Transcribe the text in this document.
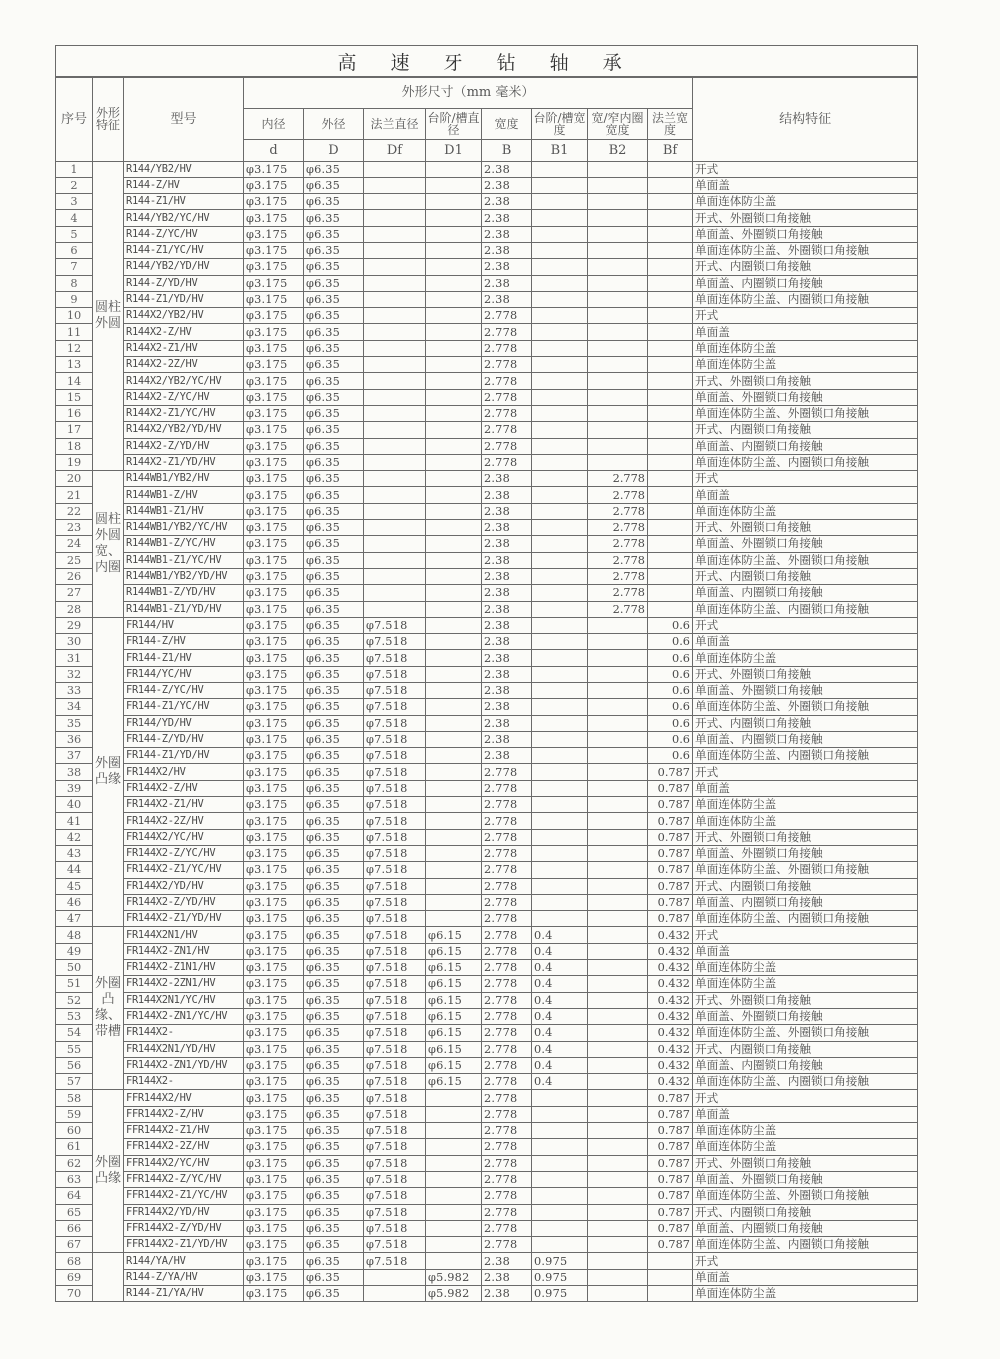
高 速 牙 钻 轴 承											
序号	外形特征	型号	外形尺寸（mm 毫米）								结构特征
			内径	外径	法兰直径	台阶/槽直径	宽度	台阶/槽宽度	宽/窄内圈宽度	法兰宽度	
			d	D	Df	D1	B	B1	B2	Bf	
1	圆柱外圆	R144/YB2/HV	φ3.175	φ6.35			2.38				开式
2		R144-Z/HV	φ3.175	φ6.35			2.38				单面盖
3		R144-Z1/HV	φ3.175	φ6.35			2.38				单面连体防尘盖
4		R144/YB2/YC/HV	φ3.175	φ6.35			2.38				开式、外圈锁口角接触
5		R144-Z/YC/HV	φ3.175	φ6.35			2.38				单面盖、外圈锁口角接触
6		R144-Z1/YC/HV	φ3.175	φ6.35			2.38				单面连体防尘盖、外圈锁口角接触
7		R144/YB2/YD/HV	φ3.175	φ6.35			2.38				开式、内圈锁口角接触
8		R144-Z/YD/HV	φ3.175	φ6.35			2.38				单面盖、内圈锁口角接触
9		R144-Z1/YD/HV	φ3.175	φ6.35			2.38				单面连体防尘盖、内圈锁口角接触
10		R144X2/YB2/HV	φ3.175	φ6.35			2.778				开式
11		R144X2-Z/HV	φ3.175	φ6.35			2.778				单面盖
12		R144X2-Z1/HV	φ3.175	φ6.35			2.778				单面连体防尘盖
13		R144X2-2Z/HV	φ3.175	φ6.35			2.778				单面连体防尘盖
14		R144X2/YB2/YC/HV	φ3.175	φ6.35			2.778				开式、外圈锁口角接触
15		R144X2-Z/YC/HV	φ3.175	φ6.35			2.778				单面盖、外圈锁口角接触
16		R144X2-Z1/YC/HV	φ3.175	φ6.35			2.778				单面连体防尘盖、外圈锁口角接触
17		R144X2/YB2/YD/HV	φ3.175	φ6.35			2.778				开式、内圈锁口角接触
18		R144X2-Z/YD/HV	φ3.175	φ6.35			2.778				单面盖、内圈锁口角接触
19		R144X2-Z1/YD/HV	φ3.175	φ6.35			2.778				单面连体防尘盖、内圈锁口角接触
20	圆柱外圆宽、内圈	R144WB1/YB2/HV	φ3.175	φ6.35			2.38		2.778		开式
21		R144WB1-Z/HV	φ3.175	φ6.35			2.38		2.778		单面盖
22		R144WB1-Z1/HV	φ3.175	φ6.35			2.38		2.778		单面连体防尘盖
23		R144WB1/YB2/YC/HV	φ3.175	φ6.35			2.38		2.778		开式、外圈锁口角接触
24		R144WB1-Z/YC/HV	φ3.175	φ6.35			2.38		2.778		单面盖、外圈锁口角接触
25		R144WB1-Z1/YC/HV	φ3.175	φ6.35			2.38		2.778		单面连体防尘盖、外圈锁口角接触
26		R144WB1/YB2/YD/HV	φ3.175	φ6.35			2.38		2.778		开式、内圈锁口角接触
27		R144WB1-Z/YD/HV	φ3.175	φ6.35			2.38		2.778		单面盖、内圈锁口角接触
28		R144WB1-Z1/YD/HV	φ3.175	φ6.35			2.38		2.778		单面连体防尘盖、内圈锁口角接触
29	外圈凸缘	FR144/HV	φ3.175	φ6.35	φ7.518		2.38			0.6	开式
30		FR144-Z/HV	φ3.175	φ6.35	φ7.518		2.38			0.6	单面盖
31		FR144-Z1/HV	φ3.175	φ6.35	φ7.518		2.38			0.6	单面连体防尘盖
32		FR144/YC/HV	φ3.175	φ6.35	φ7.518		2.38			0.6	开式、外圈锁口角接触
33		FR144-Z/YC/HV	φ3.175	φ6.35	φ7.518		2.38			0.6	单面盖、外圈锁口角接触
34		FR144-Z1/YC/HV	φ3.175	φ6.35	φ7.518		2.38			0.6	单面连体防尘盖、外圈锁口角接触
35		FR144/YD/HV	φ3.175	φ6.35	φ7.518		2.38			0.6	开式、内圈锁口角接触
36		FR144-Z/YD/HV	φ3.175	φ6.35	φ7.518		2.38			0.6	单面盖、内圈锁口角接触
37		FR144-Z1/YD/HV	φ3.175	φ6.35	φ7.518		2.38			0.6	单面连体防尘盖、内圈锁口角接触
38		FR144X2/HV	φ3.175	φ6.35	φ7.518		2.778			0.787	开式
39		FR144X2-Z/HV	φ3.175	φ6.35	φ7.518		2.778			0.787	单面盖
40		FR144X2-Z1/HV	φ3.175	φ6.35	φ7.518		2.778			0.787	单面连体防尘盖
41		FR144X2-2Z/HV	φ3.175	φ6.35	φ7.518		2.778			0.787	单面连体防尘盖
42		FR144X2/YC/HV	φ3.175	φ6.35	φ7.518		2.778			0.787	开式、外圈锁口角接触
43		FR144X2-Z/YC/HV	φ3.175	φ6.35	φ7.518		2.778			0.787	单面盖、外圈锁口角接触
44		FR144X2-Z1/YC/HV	φ3.175	φ6.35	φ7.518		2.778			0.787	单面连体防尘盖、外圈锁口角接触
45		FR144X2/YD/HV	φ3.175	φ6.35	φ7.518		2.778			0.787	开式、内圈锁口角接触
46		FR144X2-Z/YD/HV	φ3.175	φ6.35	φ7.518		2.778			0.787	单面盖、内圈锁口角接触
47		FR144X2-Z1/YD/HV	φ3.175	φ6.35	φ7.518		2.778			0.787	单面连体防尘盖、内圈锁口角接触
48	外圈凸缘、带槽	FR144X2N1/HV	φ3.175	φ6.35	φ7.518	φ6.15	2.778	0.4		0.432	开式
49		FR144X2-ZN1/HV	φ3.175	φ6.35	φ7.518	φ6.15	2.778	0.4		0.432	单面盖
50		FR144X2-Z1N1/HV	φ3.175	φ6.35	φ7.518	φ6.15	2.778	0.4		0.432	单面连体防尘盖
51		FR144X2-2ZN1/HV	φ3.175	φ6.35	φ7.518	φ6.15	2.778	0.4		0.432	单面连体防尘盖
52		FR144X2N1/YC/HV	φ3.175	φ6.35	φ7.518	φ6.15	2.778	0.4		0.432	开式、外圈锁口角接触
53		FR144X2-ZN1/YC/HV	φ3.175	φ6.35	φ7.518	φ6.15	2.778	0.4		0.432	单面盖、外圈锁口角接触
54		FR144X2-	φ3.175	φ6.35	φ7.518	φ6.15	2.778	0.4		0.432	单面连体防尘盖、外圈锁口角接触
55		FR144X2N1/YD/HV	φ3.175	φ6.35	φ7.518	φ6.15	2.778	0.4		0.432	开式、内圈锁口角接触
56		FR144X2-ZN1/YD/HV	φ3.175	φ6.35	φ7.518	φ6.15	2.778	0.4		0.432	单面盖、内圈锁口角接触
57		FR144X2-	φ3.175	φ6.35	φ7.518	φ6.15	2.778	0.4		0.432	单面连体防尘盖、内圈锁口角接触
58	外圈凸缘	FFR144X2/HV	φ3.175	φ6.35	φ7.518		2.778			0.787	开式
59		FFR144X2-Z/HV	φ3.175	φ6.35	φ7.518		2.778			0.787	单面盖
60		FFR144X2-Z1/HV	φ3.175	φ6.35	φ7.518		2.778			0.787	单面连体防尘盖
61		FFR144X2-2Z/HV	φ3.175	φ6.35	φ7.518		2.778			0.787	单面连体防尘盖
62		FFR144X2/YC/HV	φ3.175	φ6.35	φ7.518		2.778			0.787	开式、外圈锁口角接触
63		FFR144X2-Z/YC/HV	φ3.175	φ6.35	φ7.518		2.778			0.787	单面盖、外圈锁口角接触
64		FFR144X2-Z1/YC/HV	φ3.175	φ6.35	φ7.518		2.778			0.787	单面连体防尘盖、外圈锁口角接触
65		FFR144X2/YD/HV	φ3.175	φ6.35	φ7.518		2.778			0.787	开式、内圈锁口角接触
66		FFR144X2-Z/YD/HV	φ3.175	φ6.35	φ7.518		2.778			0.787	单面盖、内圈锁口角接触
67		FFR144X2-Z1/YD/HV	φ3.175	φ6.35	φ7.518		2.778			0.787	单面连体防尘盖、内圈锁口角接触
68		R144/YA/HV	φ3.175	φ6.35	φ7.518		2.38	0.975			开式
69		R144-Z/YA/HV	φ3.175	φ6.35		φ5.982	2.38	0.975			单面盖
70		R144-Z1/YA/HV	φ3.175	φ6.35		φ5.982	2.38	0.975			单面连体防尘盖
